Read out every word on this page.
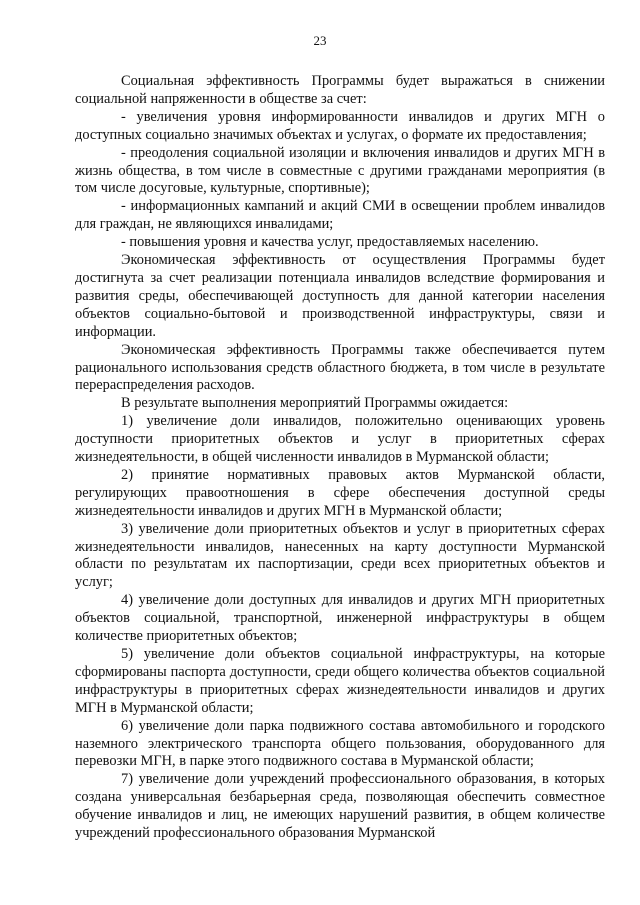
23

Социальная эффективность Программы будет выражаться в снижении социальной напряженности в обществе за счет:

- увеличения уровня информированности инвалидов и других МГН о доступных социально значимых объектах и услугах, о формате их предоставления;

- преодоления социальной изоляции и включения инвалидов и других МГН в жизнь общества, в том числе в совместные с другими гражданами мероприятия (в том числе досуговые, культурные, спортивные);

- информационных кампаний и акций СМИ в освещении проблем инвалидов для граждан, не являющихся инвалидами;

- повышения уровня и качества услуг, предоставляемых населению.

Экономическая эффективность от осуществления Программы будет достигнута за счет реализации потенциала инвалидов вследствие формирования и развития среды, обеспечивающей доступность для данной категории населения объектов социально-бытовой и производственной инфраструктуры, связи и информации.

Экономическая эффективность Программы также обеспечивается путем рационального использования средств областного бюджета, в том числе в результате перераспределения расходов.

В результате выполнения мероприятий Программы ожидается:

1) увеличение доли инвалидов, положительно оценивающих уровень доступности приоритетных объектов и услуг в приоритетных сферах жизнедеятельности, в общей численности инвалидов в Мурманской области;

2) принятие нормативных правовых актов Мурманской области, регулирующих правоотношения в сфере обеспечения доступной среды жизнедеятельности инвалидов и других МГН в Мурманской области;

3) увеличение доли приоритетных объектов и услуг в приоритетных сферах жизнедеятельности инвалидов, нанесенных на карту доступности Мурманской области по результатам их паспортизации, среди всех приоритетных объектов и услуг;

4) увеличение доли доступных для инвалидов и других МГН приоритетных объектов социальной, транспортной, инженерной инфраструктуры в общем количестве приоритетных объектов;

5) увеличение доли объектов социальной инфраструктуры, на которые сформированы паспорта доступности, среди общего количества объектов социальной инфраструктуры в приоритетных сферах жизнедеятельности инвалидов и других МГН в Мурманской области;

6) увеличение доли парка подвижного состава автомобильного и городского наземного электрического транспорта общего пользования, оборудованного для перевозки МГН, в парке этого подвижного состава в Мурманской области;

7) увеличение доли учреждений профессионального образования, в которых создана универсальная безбарьерная среда, позволяющая обеспечить совместное обучение инвалидов и лиц, не имеющих нарушений развития, в общем количестве учреждений профессионального образования Мурманской
